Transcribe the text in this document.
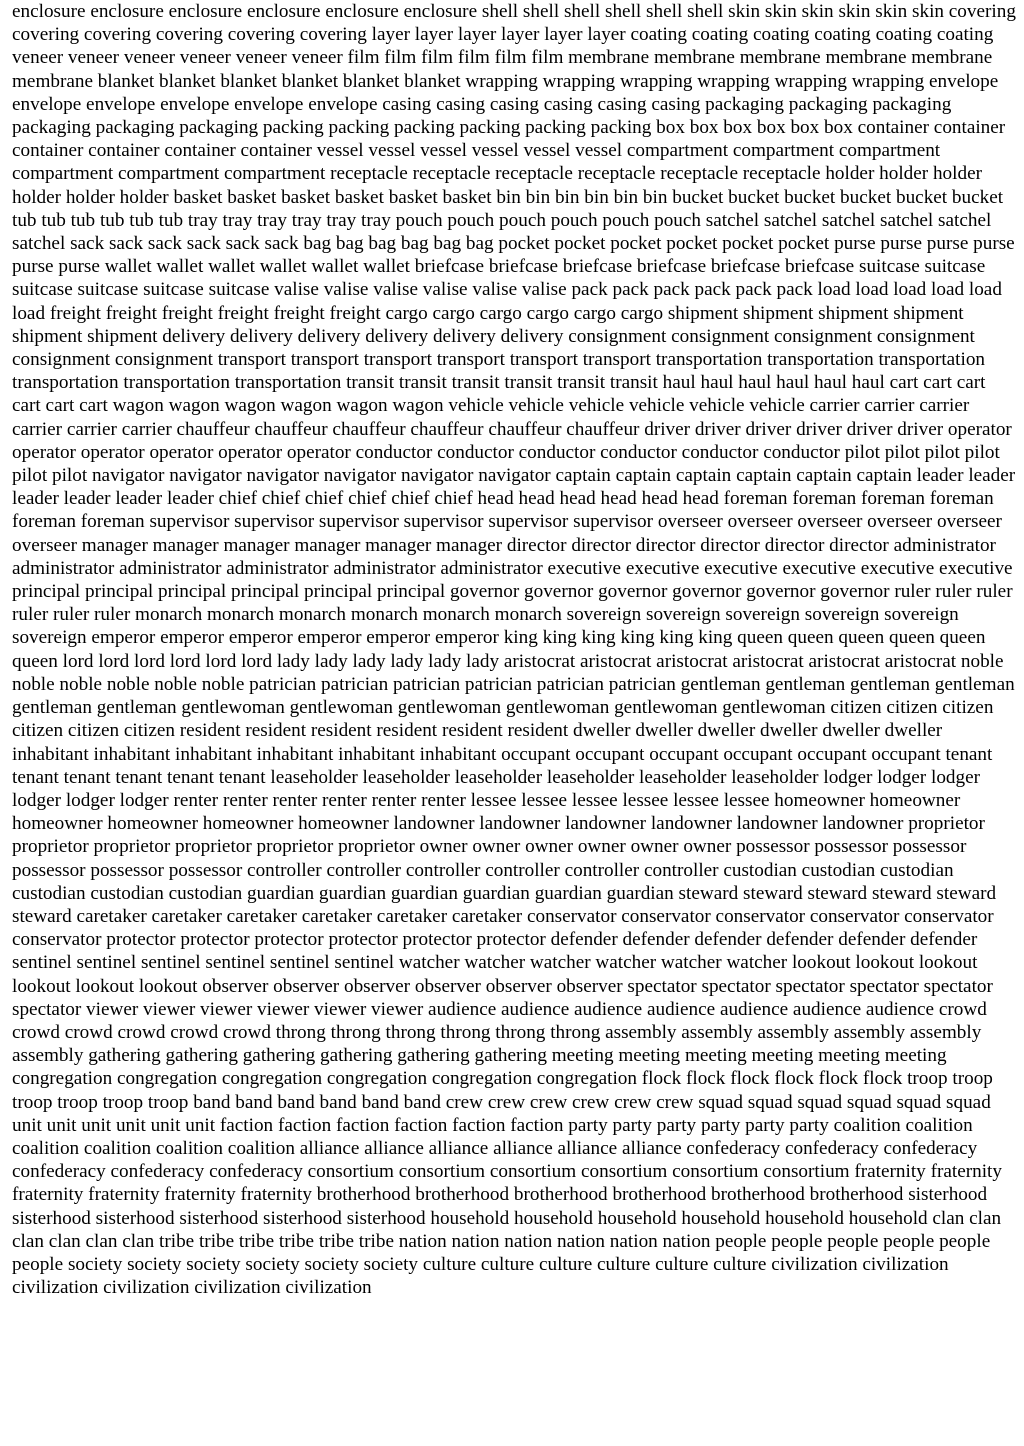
enclosure enclosure enclosure enclosure enclosure enclosure shell shell shell shell shell shell skin skin skin skin skin skin covering covering covering covering covering covering layer layer layer layer layer layer coating coating coating coating coating coating veneer veneer veneer veneer veneer veneer film film film film film film membrane membrane membrane membrane membrane membrane blanket blanket blanket blanket blanket blanket wrapping wrapping wrapping wrapping wrapping wrapping envelope envelope envelope envelope envelope envelope casing casing casing casing casing casing packaging packaging packaging packaging packaging packaging packing packing packing packing packing packing box box box box box box container container container container container container vessel vessel vessel vessel vessel vessel compartment compartment compartment compartment compartment compartment receptacle receptacle receptacle receptacle receptacle receptacle holder holder holder holder holder holder basket basket basket basket basket basket bin bin bin bin bin bin bucket bucket bucket bucket bucket bucket tub tub tub tub tub tub tray tray tray tray tray tray pouch pouch pouch pouch pouch pouch satchel satchel satchel satchel satchel satchel sack sack sack sack sack sack bag bag bag bag bag bag pocket pocket pocket pocket pocket pocket purse purse purse purse purse purse wallet wallet wallet wallet wallet wallet briefcase briefcase briefcase briefcase briefcase briefcase suitcase suitcase suitcase suitcase suitcase suitcase valise valise valise valise valise valise pack pack pack pack pack pack load load load load load load freight freight freight freight freight freight cargo cargo cargo cargo cargo cargo shipment shipment shipment shipment shipment shipment delivery delivery delivery delivery delivery delivery consignment consignment consignment consignment consignment consignment transport transport transport transport transport transport transportation transportation transportation transportation transportation transportation transit transit transit transit transit transit haul haul haul haul haul haul cart cart cart cart cart cart wagon wagon wagon wagon wagon wagon vehicle vehicle vehicle vehicle vehicle vehicle carrier carrier carrier carrier carrier carrier chauffeur chauffeur chauffeur chauffeur chauffeur chauffeur driver driver driver driver driver driver operator operator operator operator operator operator conductor conductor conductor conductor conductor conductor pilot pilot pilot pilot pilot pilot navigator navigator navigator navigator navigator navigator captain captain captain captain captain captain leader leader leader leader leader leader chief chief chief chief chief chief head head head head head head foreman foreman foreman foreman foreman foreman supervisor supervisor supervisor supervisor supervisor supervisor overseer overseer overseer overseer overseer overseer manager manager manager manager manager manager director director director director director director administrator administrator administrator administrator administrator administrator executive executive executive executive executive executive principal principal principal principal principal principal governor governor governor governor governor governor ruler ruler ruler ruler ruler ruler monarch monarch monarch monarch monarch monarch sovereign sovereign sovereign sovereign sovereign sovereign emperor emperor emperor emperor emperor emperor king king king king king king queen queen queen queen queen queen lord lord lord lord lord lord lady lady lady lady lady lady aristocrat aristocrat aristocrat aristocrat aristocrat aristocrat noble noble noble noble noble noble patrician patrician patrician patrician patrician patrician gentleman gentleman gentleman gentleman gentleman gentleman gentlewoman gentlewoman gentlewoman gentlewoman gentlewoman gentlewoman citizen citizen citizen citizen citizen citizen resident resident resident resident resident resident dweller dweller dweller dweller dweller dweller inhabitant inhabitant inhabitant inhabitant inhabitant inhabitant occupant occupant occupant occupant occupant occupant tenant tenant tenant tenant tenant tenant leaseholder leaseholder leaseholder leaseholder leaseholder leaseholder lodger lodger lodger lodger lodger lodger renter renter renter renter renter renter lessee lessee lessee lessee lessee lessee homeowner homeowner homeowner homeowner homeowner homeowner landowner landowner landowner landowner landowner landowner proprietor proprietor proprietor proprietor proprietor proprietor owner owner owner owner owner owner possessor possessor possessor possessor possessor possessor controller controller controller controller controller controller custodian custodian custodian custodian custodian custodian guardian guardian guardian guardian guardian guardian steward steward steward steward steward steward caretaker caretaker caretaker caretaker caretaker caretaker conservator conservator conservator conservator conservator conservator protector protector protector protector protector protector defender defender defender defender defender defender sentinel sentinel sentinel sentinel sentinel sentinel watcher watcher watcher watcher watcher watcher lookout lookout lookout lookout lookout lookout observer observer observer observer observer observer spectator spectator spectator spectator spectator spectator viewer viewer viewer viewer viewer viewer audience audience audience audience audience audience audience crowd crowd crowd crowd crowd crowd throng throng throng throng throng throng assembly assembly assembly assembly assembly assembly gathering gathering gathering gathering gathering gathering meeting meeting meeting meeting meeting meeting congregation congregation congregation congregation congregation congregation flock flock flock flock flock flock troop troop troop troop troop troop band band band band band band crew crew crew crew crew crew squad squad squad squad squad squad unit unit unit unit unit unit faction faction faction faction faction faction party party party party party party coalition coalition coalition coalition coalition coalition alliance alliance alliance alliance alliance alliance confederacy confederacy confederacy confederacy confederacy confederacy consortium consortium consortium consortium consortium consortium fraternity fraternity fraternity fraternity fraternity fraternity brotherhood brotherhood brotherhood brotherhood brotherhood brotherhood sisterhood sisterhood sisterhood sisterhood sisterhood sisterhood household household household household household household clan clan clan clan clan clan tribe tribe tribe tribe tribe tribe nation nation nation nation nation nation people people people people people people society society society society society society culture culture culture culture culture culture civilization civilization civilization civilization civilization civilization
